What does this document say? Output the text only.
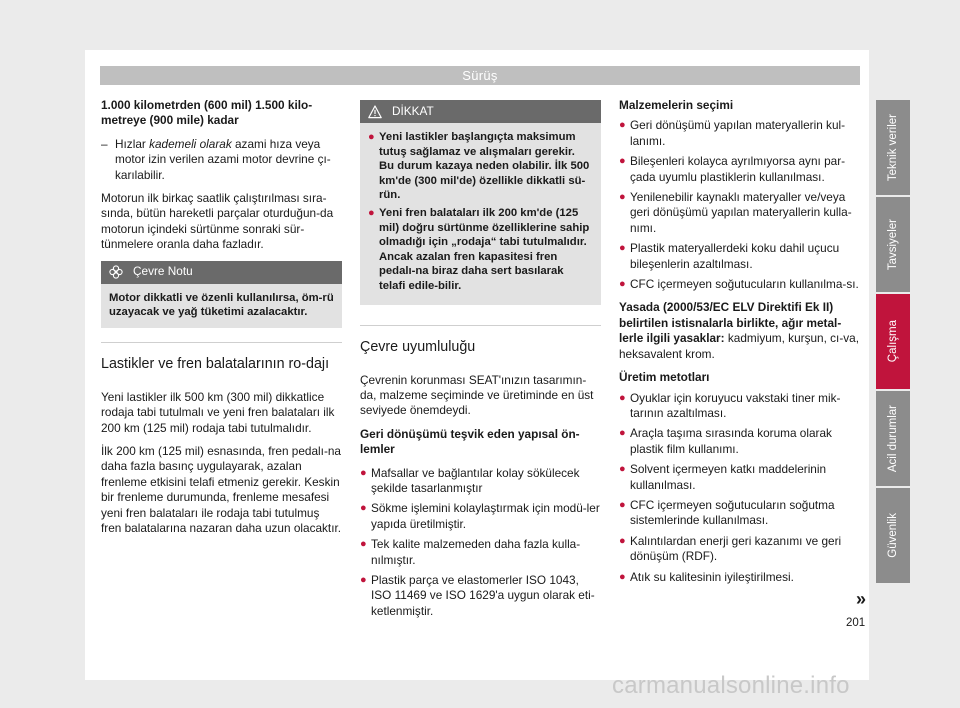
Sürüş

1.000 kilometrden (600 mil) 1.500 kilo-
metreye (900 mile) kadar

– Hızlar kademeli olarak azami hıza veya motor izin verilen azami motor devrine çı-karılabilir.

Motorun ilk birkaç saatlik çalıştırılması sıra-sında, bütün hareketli parçalar oturduğun-da motorun içindeki sürtünme sonraki sür-tünmelere oranla daha fazladır.

Çevre Notu
Motor dikkatli ve özenli kullanılırsa, öm-rü uzayacak ve yağ tüketimi azalacaktır.
Lastikler ve fren balatalarının ro-dajı

Yeni lastikler ilk 500 km (300 mil) dikkatlice rodaja tabi tutulmalı ve yeni fren balataları ilk 200 km (125 mil) rodaja tabi tutulmalıdır.

İlk 200 km (125 mil) esnasında, fren pedalı-na daha fazla basınç uygulayarak, azalan frenleme etkisini telafi etmeniz gerekir. Keskin bir frenleme durumunda, frenleme mesafesi yeni fren balataları ile rodaja tabi tutulmuş fren balatalarına nazaran daha uzun olacaktır.

DİKKAT
● Yeni lastikler başlangıçta maksimum tutuş sağlamaz ve alışmaları gerekir. Bu durum kazaya neden olabilir. İlk 500 km'de (300 mil'de) özellikle dikkatli sü-rün.
● Yeni fren balataları ilk 200 km'de (125 mil) doğru sürtünme özelliklerine sahip olmadığı için „rodaja“ tabi tutulmalıdır. Ancak azalan fren kapasitesi fren pedalı-na biraz daha sert basılarak telafi edile-bilir.
Çevre uyumluluğu

Çevrenin korunması SEAT'ınızın tasarımın-da, malzeme seçiminde ve üretiminde en üst seviyede önemdeydi.

Geri dönüşümü teşvik eden yapısal ön-lemler

● Mafsallar ve bağlantılar kolay sökülecek şekilde tasarlanmıştır
● Sökme işlemini kolaylaştırmak için modü-ler yapıda üretilmiştir.
● Tek kalite malzemeden daha fazla kulla-nılmıştır.
● Plastik parça ve elastomerler ISO 1043, ISO 11469 ve ISO 1629'a uygun olarak eti-ketlenmiştir.

Malzemelerin seçimi

● Geri dönüşümü yapılan materyallerin kul-lanımı.
● Bileşenleri kolayca ayrılmıyorsa aynı par-çada uyumlu plastiklerin kullanılması.
● Yenilenebilir kaynaklı materyaller ve/veya geri dönüşümü yapılan materyallerin kulla-nımı.
● Plastik materyallerdeki koku dahil uçucu bileşenlerin azaltılması.
● CFC içermeyen soğutucuların kullanılma-sı.

Yasada (2000/53/EC ELV Direktifi Ek II) belirtilen istisnalarla birlikte, ağır metal-lerle ilgili yasaklar: kadmiyum, kurşun, cı-va, heksavalent krom.

Üretim metotları

● Oyuklar için koruyucu vakstaki tiner mik-tarının azaltılması.
● Araçla taşıma sırasında koruma olarak plastik film kullanımı.
● Solvent içermeyen katkı maddelerinin kullanılması.
● CFC içermeyen soğutucuların soğutma sistemlerinde kullanılması.
● Kalıntılardan enerji geri kazanımı ve geri dönüşüm (RDF).
● Atık su kalitesinin iyileştirilmesi.
Teknik veriler
Tavsiyeler
Çalışma
Acil durumlar
Güvenlik
»
201
carmanualsonline.info
